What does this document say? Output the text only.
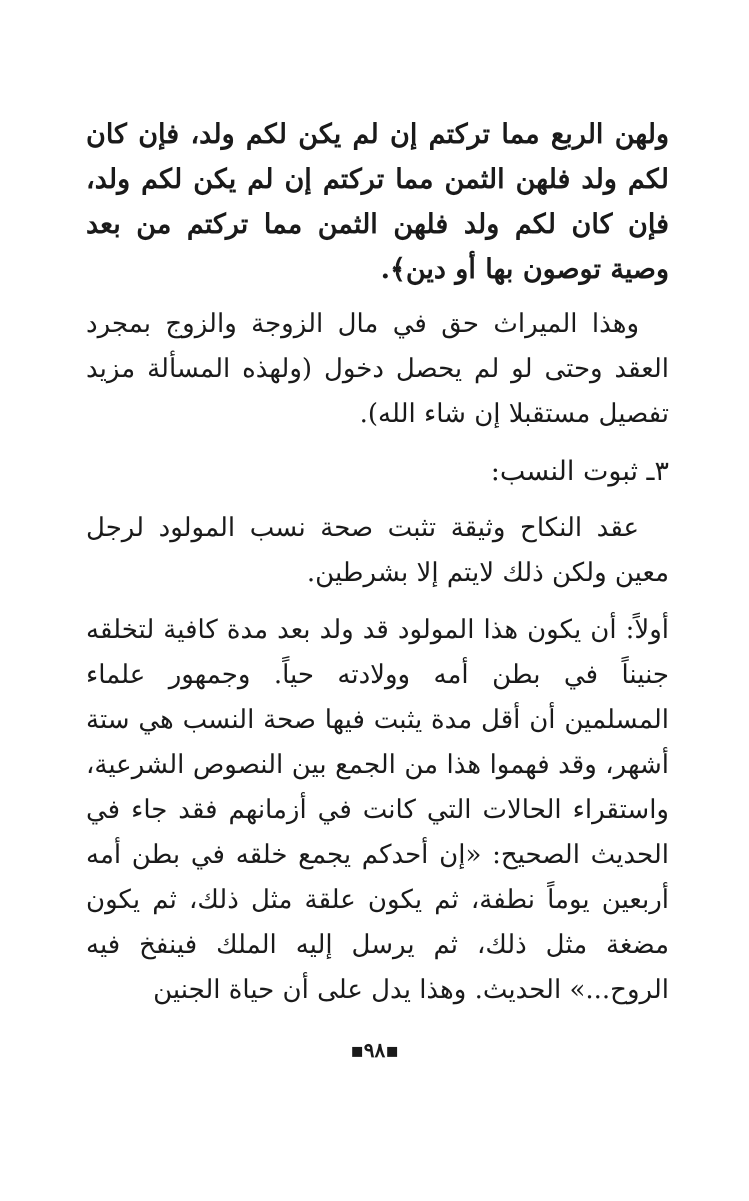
ولهن الربع مما تركتم إن لم يكن لكم ولد، فإن كان لكم ولد فلهن الثمن مما تركتم إن لم يكن لكم ولد، فإن كان لكم ولد فلهن الثمن مما تركتم من بعد وصية توصون بها أو دين﴾.

وهذا الميراث حق في مال الزوجة والزوج بمجرد العقد وحتى لو لم يحصل دخول (ولهذه المسألة مزيد تفصيل مستقبلا إن شاء الله).

٣ـ ثبوت النسب:

عقد النكاح وثيقة تثبت صحة نسب المولود لرجل معين ولكن ذلك لايتم إلا بشرطين.

أولاً: أن يكون هذا المولود قد ولد بعد مدة كافية لتخلقه جنيناً في بطن أمه وولادته حياً. وجمهور علماء المسلمين أن أقل مدة يثبت فيها صحة النسب هي ستة أشهر، وقد فهموا هذا من الجمع بين النصوص الشرعية، واستقراء الحالات التي كانت في أزمانهم فقد جاء في الحديث الصحيح: «إن أحدكم يجمع خلقه في بطن أمه أربعين يوماً نطفة، ثم يكون علقة مثل ذلك، ثم يكون مضغة مثل ذلك، ثم يرسل إليه الملك فينفخ فيه الروح...» الحديث. وهذا يدل على أن حياة الجنين

▪٩٨▪
